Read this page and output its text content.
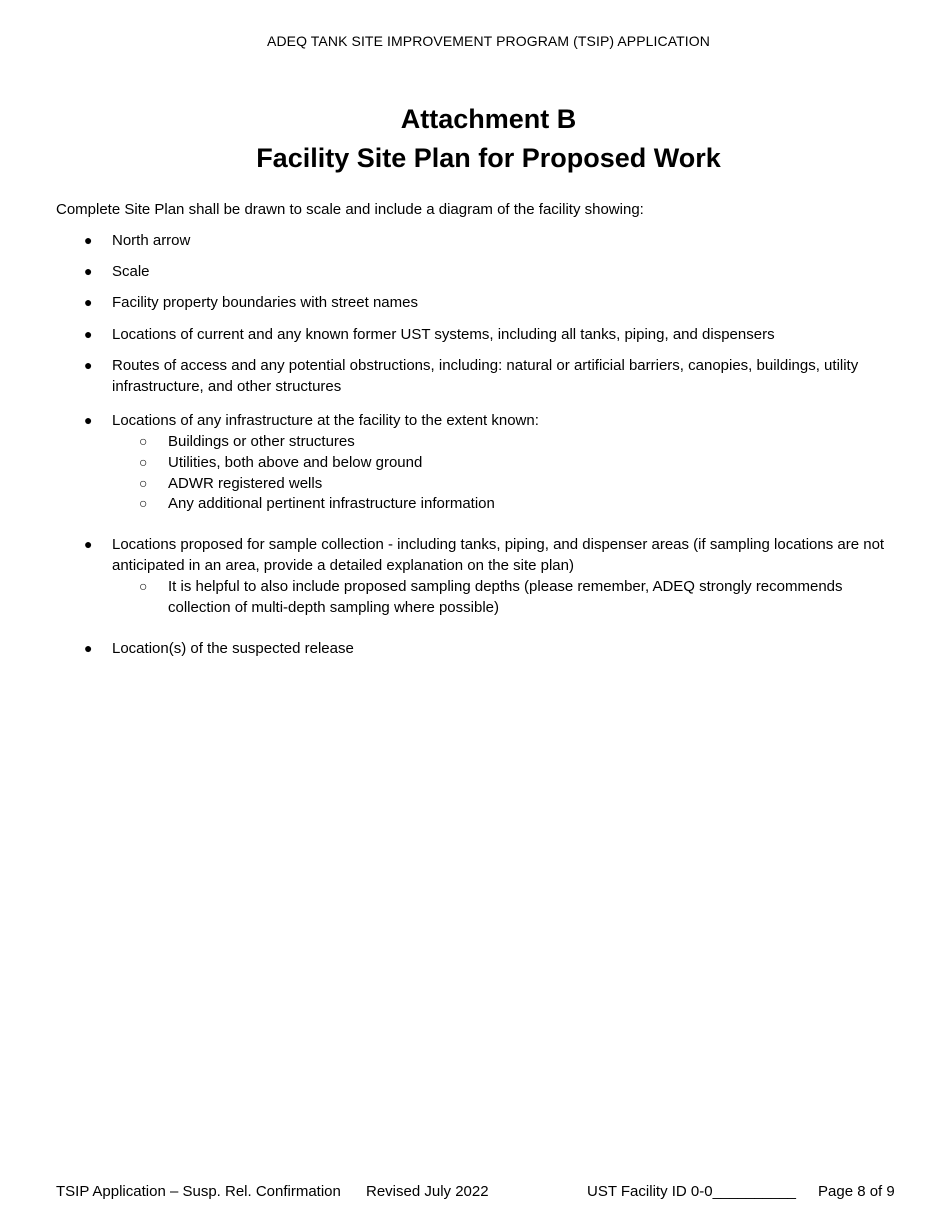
ADEQ TANK SITE IMPROVEMENT PROGRAM (TSIP) APPLICATION
Attachment B
Facility Site Plan for Proposed Work
Complete Site Plan shall be drawn to scale and include a diagram of the facility showing:
● North arrow
● Scale
● Facility property boundaries with street names
● Locations of current and any known former UST systems, including all tanks, piping, and dispensers
● Routes of access and any potential obstructions, including: natural or artificial barriers, canopies, buildings, utility infrastructure, and other structures
● Locations of any infrastructure at the facility to the extent known:
○ Buildings or other structures
○ Utilities, both above and below ground
○ ADWR registered wells
○ Any additional pertinent infrastructure information
● Locations proposed for sample collection - including tanks, piping, and dispenser areas (if sampling locations are not anticipated in an area, provide a detailed explanation on the site plan)
○ It is helpful to also include proposed sampling depths (please remember, ADEQ strongly recommends collection of multi-depth sampling where possible)
● Location(s) of the suspected release
TSIP Application – Susp. Rel. Confirmation Revised July 2022	UST Facility ID 0-0__________ Page 8 of 9
